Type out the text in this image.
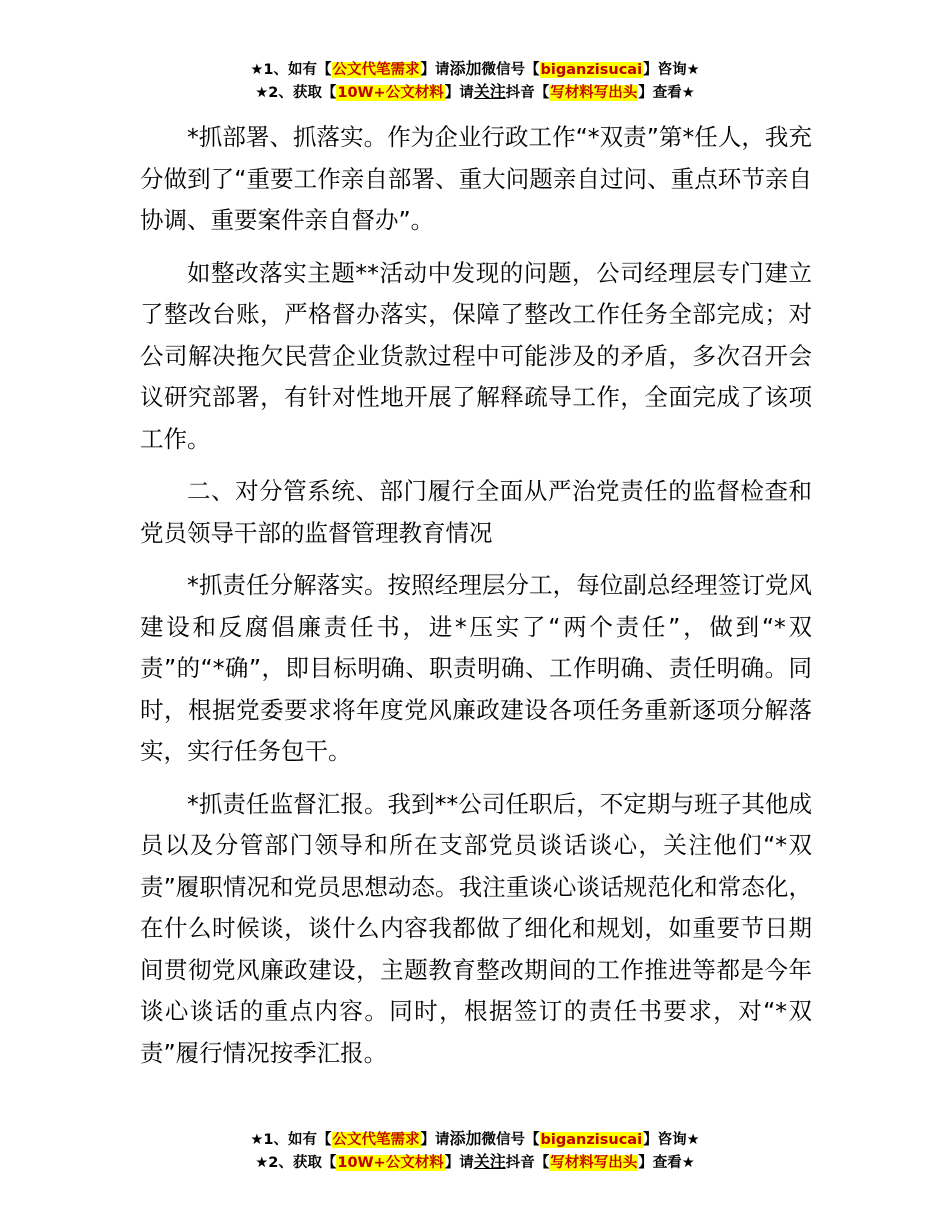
★1、如有【公文代笔需求】请添加微信号【biganzisucai】咨询★
★2、获取【10W+公文材料】请关注抖音【写材料写出头】查看★

*抓部署、抓落实。作为企业行政工作“*双责”第*任人，我充分做到了“重要工作亲自部署、重大问题亲自过问、重点环节亲自协调、重要案件亲自督办”。

如整改落实主题**活动中发现的问题，公司经理层专门建立了整改台账，严格督办落实，保障了整改工作任务全部完成；对公司解决拖欠民营企业货款过程中可能涉及的矛盾，多次召开会议研究部署，有针对性地开展了解释疏导工作，全面完成了该项工作。

二、对分管系统、部门履行全面从严治党责任的监督检查和党员领导干部的监督管理教育情况

*抓责任分解落实。按照经理层分工，每位副总经理签订党风建设和反腐倡廉责任书，进*压实了“两个责任”，做到“*双责”的“*确”，即目标明确、职责明确、工作明确、责任明确。同时，根据党委要求将年度党风廉政建设各项任务重新逐项分解落实，实行任务包干。

*抓责任监督汇报。我到**公司任职后，不定期与班子其他成员以及分管部门领导和所在支部党员谈话谈心，关注他们“*双责”履职情况和党员思想动态。我注重谈心谈话规范化和常态化，在什么时候谈，谈什么内容我都做了细化和规划，如重要节日期间贯彻党风廉政建设，主题教育整改期间的工作推进等都是今年谈心谈话的重点内容。同时，根据签订的责任书要求，对“*双责”履行情况按季汇报。

★1、如有【公文代笔需求】请添加微信号【biganzisucai】咨询★
★2、获取【10W+公文材料】请关注抖音【写材料写出头】查看★
